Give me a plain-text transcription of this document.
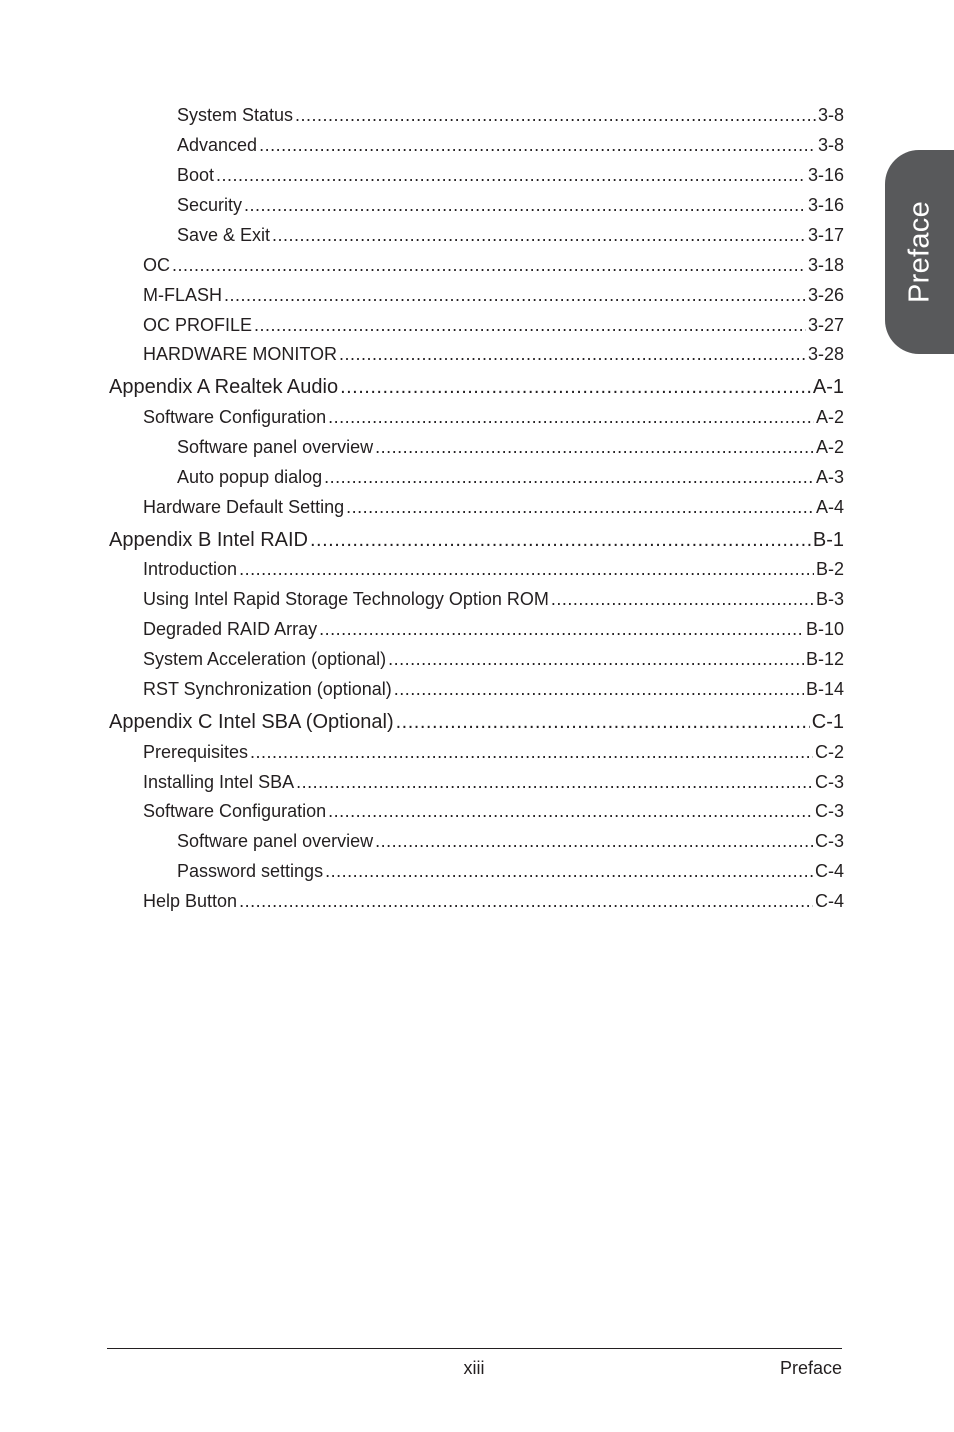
System Status .....	3-8
Advanced .....	3-8
Boot .....	3-16
Security .....	3-16
Save & Exit .....	3-17
OC .....	3-18
M-FLASH .....	3-26
OC PROFILE .....	3-27
HARDWARE MONITOR .....	3-28
Appendix A Realtek Audio .....	A-1
Software Configuration .....	A-2
Software panel overview .....	A-2
Auto popup dialog .....	A-3
Hardware Default Setting .....	A-4
Appendix B Intel RAID .....	B-1
Introduction .....	B-2
Using Intel Rapid Storage Technology Option ROM .....	B-3
Degraded RAID Array .....	B-10
System Acceleration (optional) .....	B-12
RST Synchronization (optional) .....	B-14
Appendix C Intel SBA (Optional) .....	C-1
Prerequisites .....	C-2
Installing Intel SBA .....	C-3
Software Configuration .....	C-3
Software panel overview .....	C-3
Password settings .....	C-4
Help Button .....	C-4
Preface
xiii	Preface
